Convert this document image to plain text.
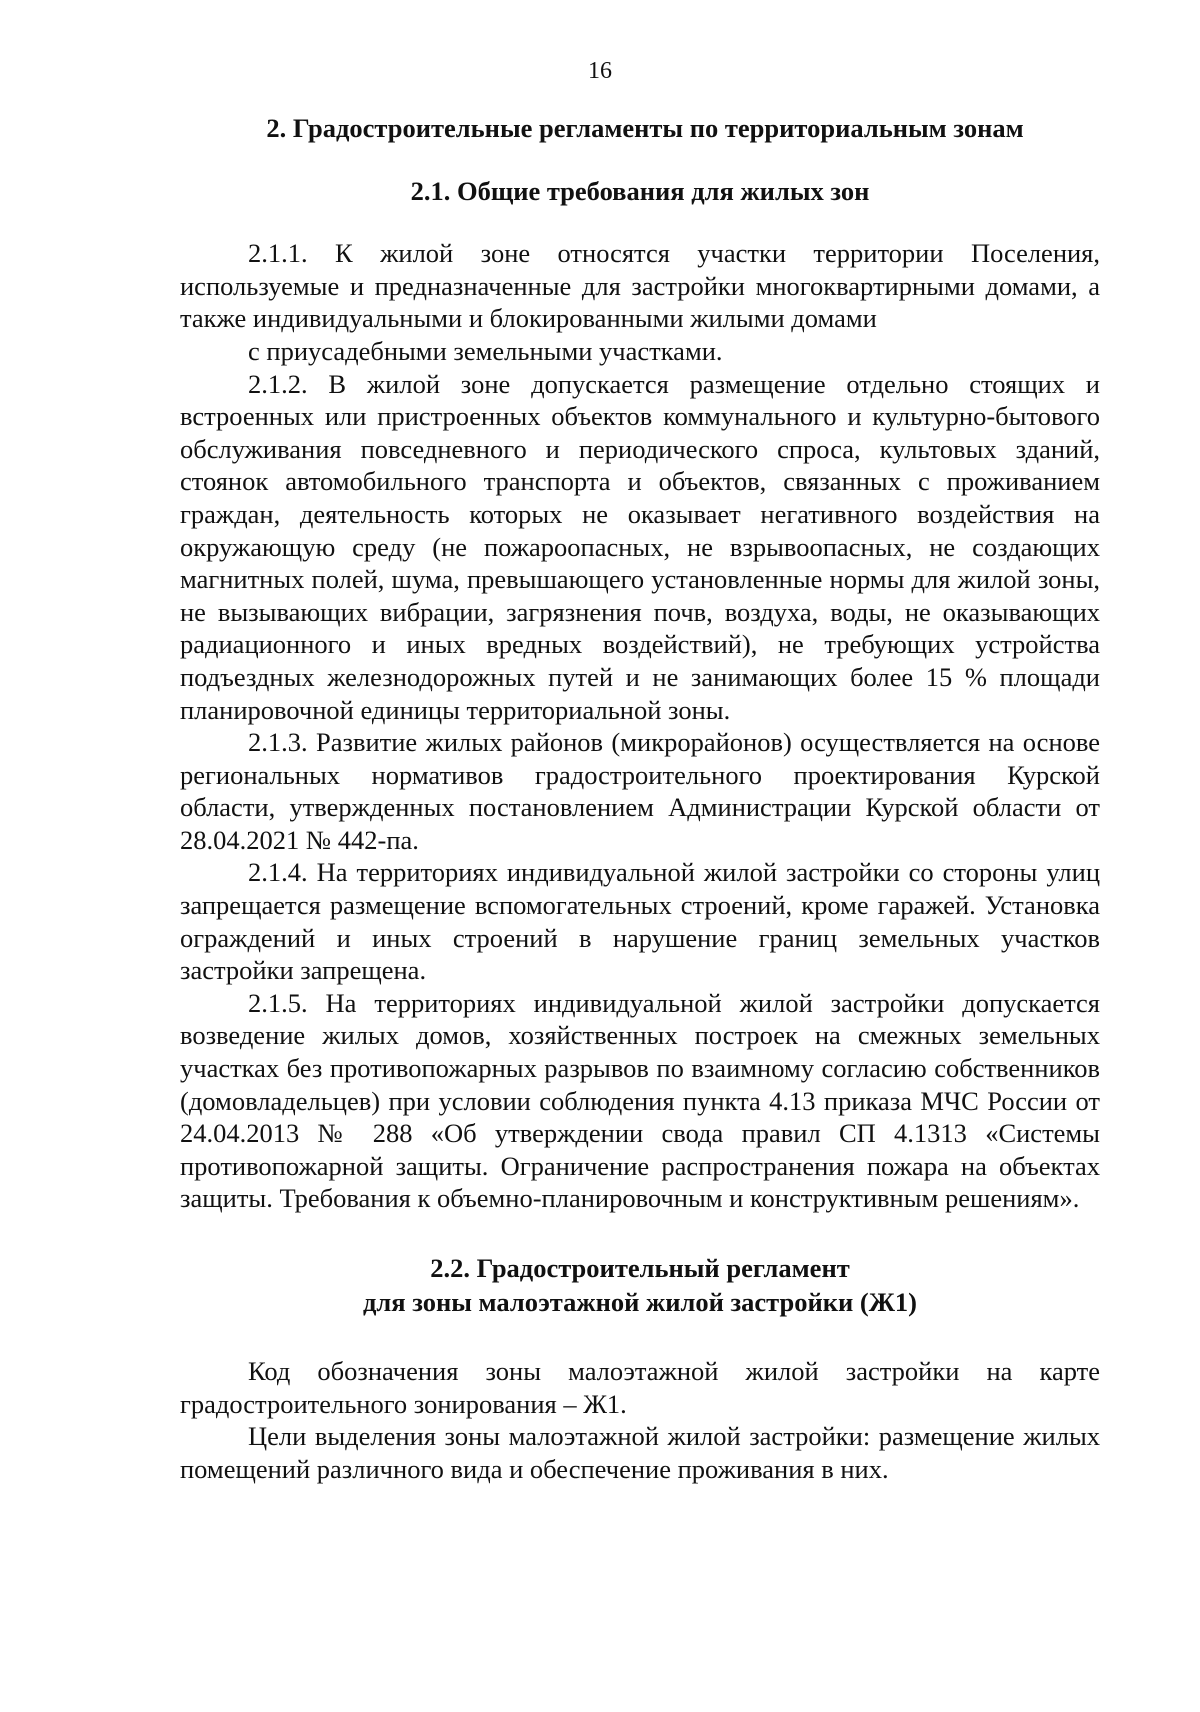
16

2. Градостроительные регламенты по территориальным зонам

2.1. Общие требования для жилых зон

2.1.1. К жилой зоне относятся участки территории Поселения, используемые и предназначенные для застройки многоквартирными домами, а также индивидуальными и блокированными жилыми домами

с приусадебными земельными участками.

2.1.2. В жилой зоне допускается размещение отдельно стоящих и встроенных или пристроенных объектов коммунального и культурно-бытового обслуживания повседневного и периодического спроса, культовых зданий, стоянок автомобильного транспорта и объектов, связанных с проживанием граждан, деятельность которых не оказывает негативного воздействия на окружающую среду (не пожароопасных, не взрывоопасных, не создающих магнитных полей, шума, превышающего установленные нормы для жилой зоны, не вызывающих вибрации, загрязнения почв, воздуха, воды, не оказывающих радиационного и иных вредных воздействий), не требующих устройства подъездных железнодорожных путей и не занимающих более 15 % площади планировочной единицы территориальной зоны.

2.1.3. Развитие жилых районов (микрорайонов) осуществляется на основе региональных нормативов градостроительного проектирования Курской области, утвержденных постановлением Администрации Курской области от 28.04.2021 № 442-па.

2.1.4. На территориях индивидуальной жилой застройки со стороны улиц запрещается размещение вспомогательных строений, кроме гаражей. Установка ограждений и иных строений в нарушение границ земельных участков застройки запрещена.

2.1.5. На территориях индивидуальной жилой застройки допускается возведение жилых домов, хозяйственных построек на смежных земельных участках без противопожарных разрывов по взаимному согласию собственников (домовладельцев) при условии соблюдения пункта 4.13 приказа МЧС России от 24.04.2013 № 288 «Об утверждении свода правил СП 4.1313 «Системы противопожарной защиты. Ограничение распространения пожара на объектах защиты. Требования к объемно-планировочным и конструктивным решениям».

2.2. Градостроительный регламент
для зоны малоэтажной жилой застройки (Ж1)

Код обозначения зоны малоэтажной жилой застройки на карте градостроительного зонирования – Ж1.

Цели выделения зоны малоэтажной жилой застройки: размещение жилых помещений различного вида и обеспечение проживания в них.
